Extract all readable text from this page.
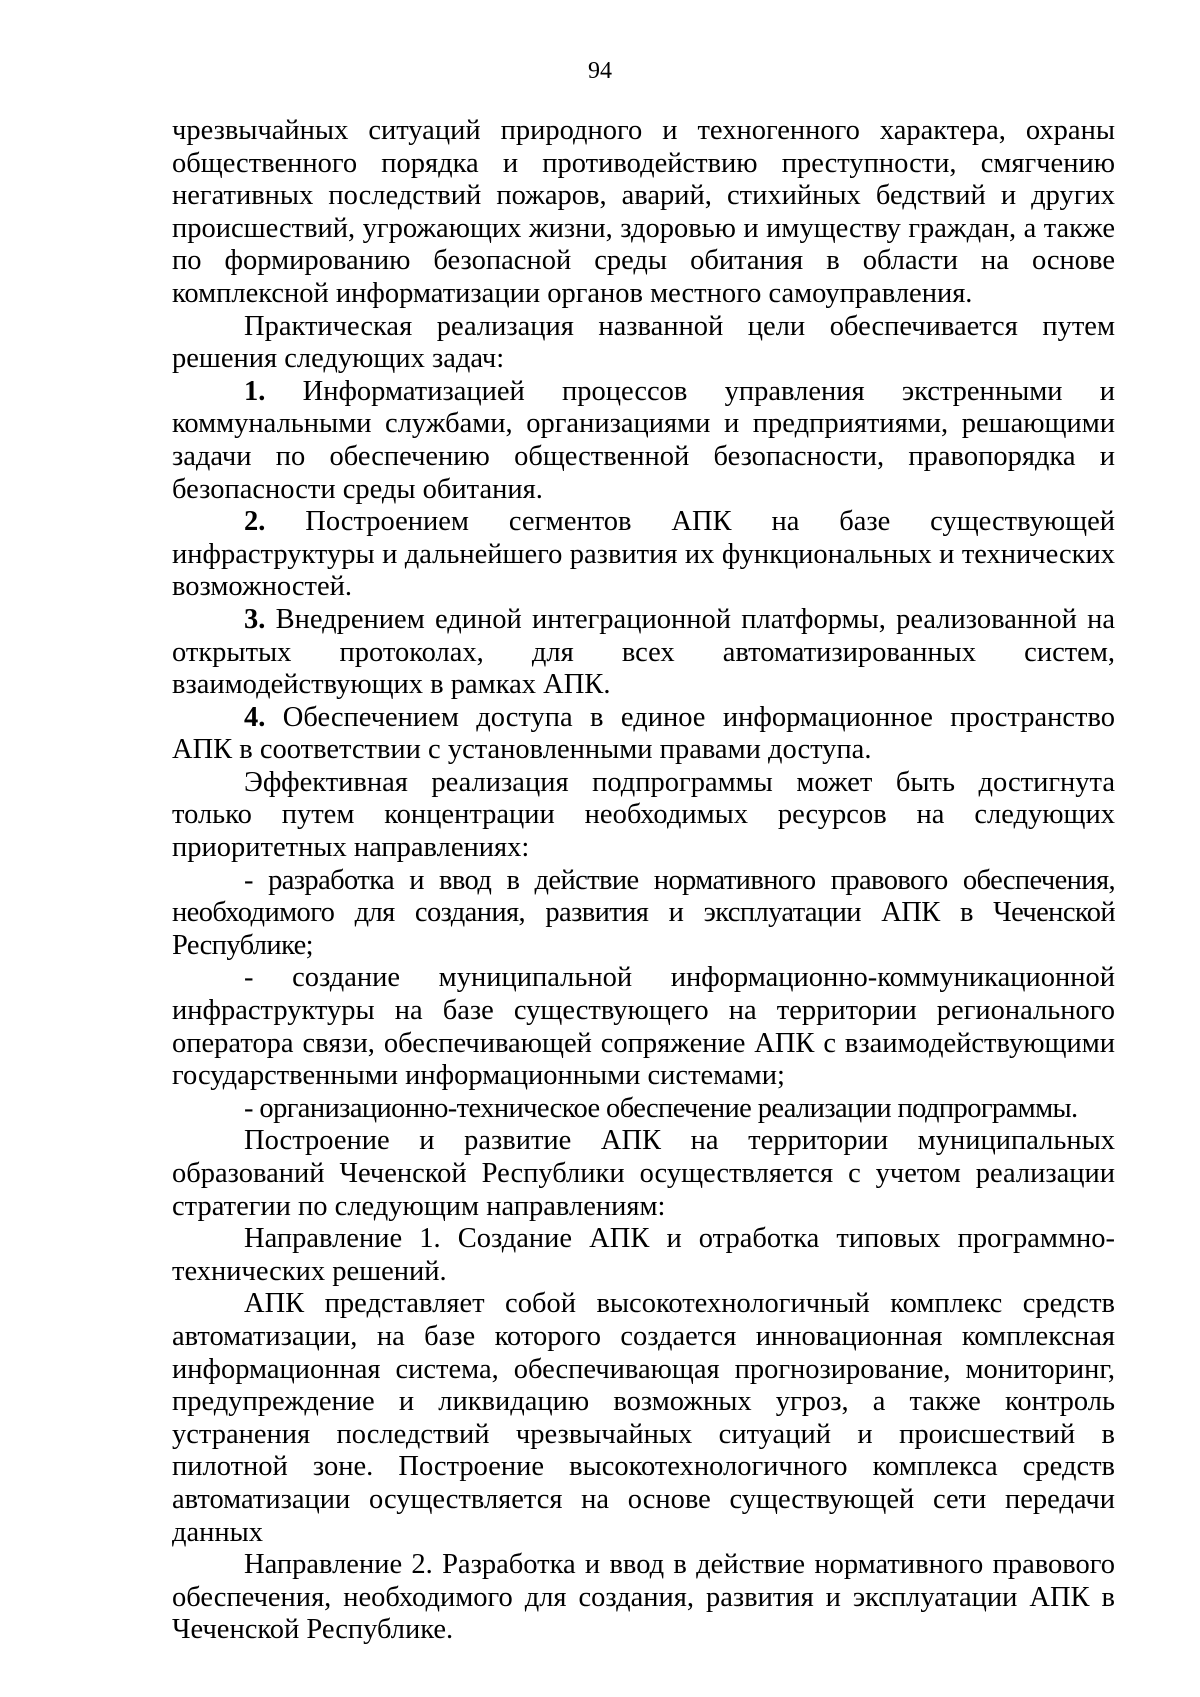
94

чрезвычайных ситуаций природного и техногенного характера, охраны общественного порядка и противодействию преступности, смягчению негативных последствий пожаров, аварий, стихийных бедствий и других происшествий, угрожающих жизни, здоровью и имуществу граждан, а также по формированию безопасной среды обитания в области на основе комплексной информатизации органов местного самоуправления.

Практическая реализация названной цели обеспечивается путем решения следующих задач:

1. Информатизацией процессов управления экстренными и коммунальными службами, организациями и предприятиями, решающими задачи по обеспечению общественной безопасности, правопорядка и безопасности среды обитания.

2. Построением сегментов АПК на базе существующей инфраструктуры и дальнейшего развития их функциональных и технических возможностей.

3. Внедрением единой интеграционной платформы, реализованной на открытых протоколах, для всех автоматизированных систем, взаимодействующих в рамках АПК.

4. Обеспечением доступа в единое информационное пространство АПК в соответствии с установленными правами доступа.

Эффективная реализация подпрограммы может быть достигнута только путем концентрации необходимых ресурсов на следующих приоритетных направлениях:

- разработка и ввод в действие нормативного правового обеспечения, необходимого для создания, развития и эксплуатации АПК в Чеченской Республике;

- создание муниципальной информационно-коммуникационной инфраструктуры на базе существующего на территории регионального оператора связи, обеспечивающей сопряжение АПК с взаимодействующими государственными информационными системами;

- организационно-техническое обеспечение реализации подпрограммы.

Построение и развитие АПК на территории муниципальных образований Чеченской Республики осуществляется с учетом реализации стратегии по следующим направлениям:

Направление 1. Создание АПК и отработка типовых программно-технических решений.

АПК представляет собой высокотехнологичный комплекс средств автоматизации, на базе которого создается инновационная комплексная информационная система, обеспечивающая прогнозирование, мониторинг, предупреждение и ликвидацию возможных угроз, а также контроль устранения последствий чрезвычайных ситуаций и происшествий в пилотной зоне. Построение высокотехнологичного комплекса средств автоматизации осуществляется на основе существующей сети передачи данных

Направление 2. Разработка и ввод в действие нормативного правового обеспечения, необходимого для создания, развития и эксплуатации АПК в Чеченской Республике.
